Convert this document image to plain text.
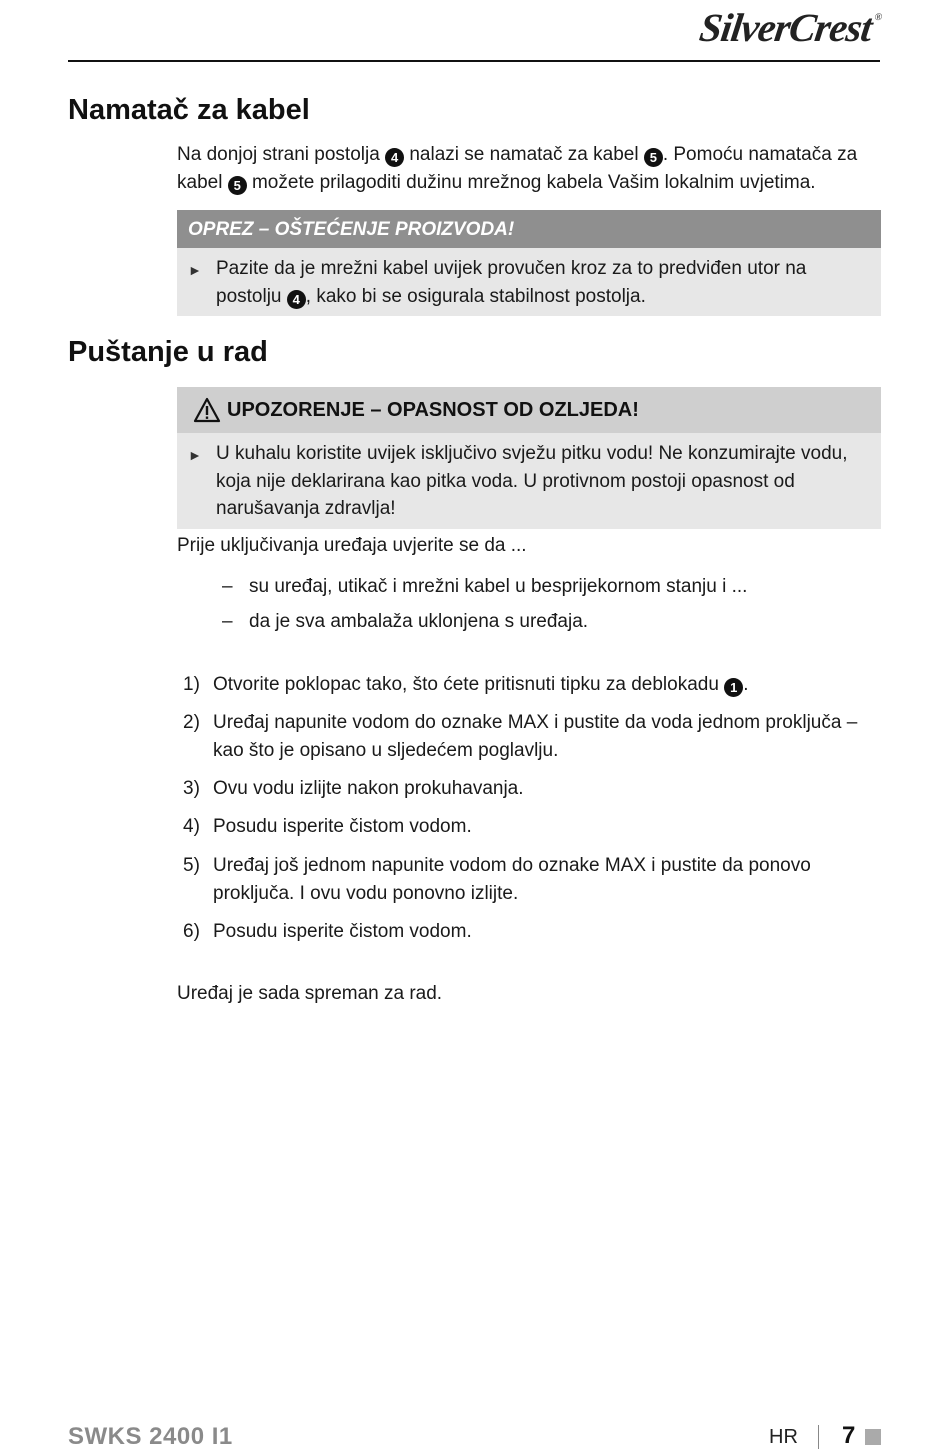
SilverCrest®
Namatač za kabel

Na donjoj strani postolja 4 nalazi se namatač za kabel 5 . Pomoću namatača za kabel 5 možete prilagoditi dužinu mrežnog kabela Vašim lokalnim uvjetima.

OPREZ – OŠTEĆENJE PROIZVODA!
► Pazite da je mrežni kabel uvijek provučen kroz za to predviđen utor na postolju 4 , kako bi se osigurala stabilnost postolja.
Puštanje u rad
UPOZORENJE – OPASNOST OD OZLJEDA!
► U kuhalu koristite uvijek isključivo svježu pitku vodu! Ne konzumirajte vodu, koja nije deklarirana kao pitka voda. U protivnom postoji opasnost od narušavanja zdravlja!

Prije uključivanja uređaja uvjerite se da ...

– su uređaj, utikač i mrežni kabel u besprijekornom stanju i ...
– da je sva ambalaža uklonjena s uređaja.
1) Otvorite poklopac tako, što ćete pritisnuti tipku za deblokadu 1 .
2) Uređaj napunite vodom do oznake MAX i pustite da voda jednom proključa – kao što je opisano u sljedećem poglavlju.
3) Ovu vodu izlijte nakon prokuhavanja.
4) Posudu isperite čistom vodom.
5) Uređaj još jednom napunite vodom do oznake MAX i pustite da ponovo proključa. I ovu vodu ponovno izlijte.
6) Posudu isperite čistom vodom.

Uređaj je sada spreman za rad.

SWKS 2400 I1	HR 7
